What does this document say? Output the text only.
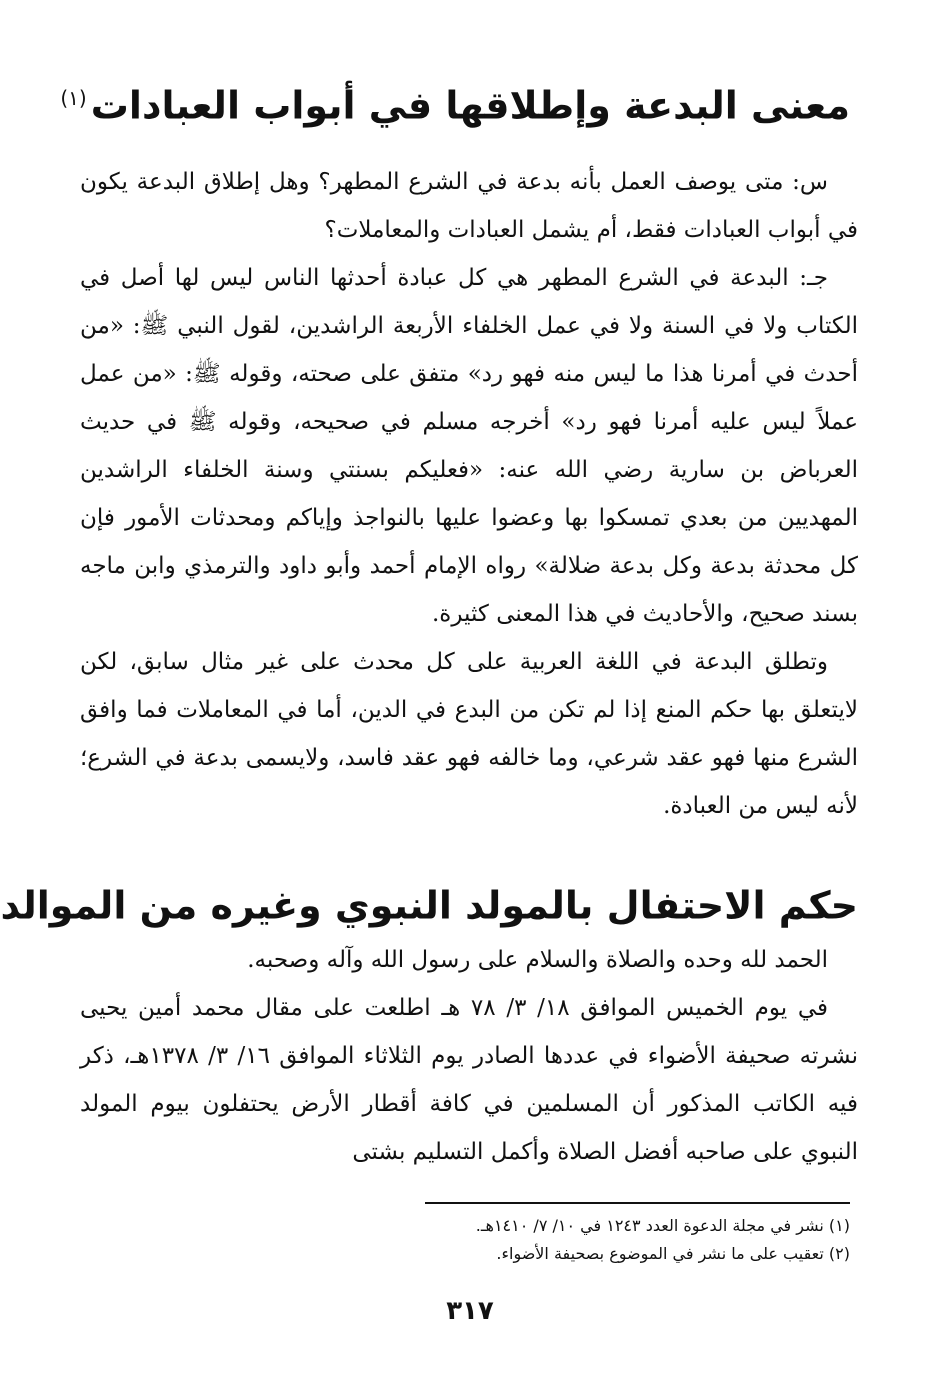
معنى البدعة وإطلاقها في أبواب العبادات$^{(١)}$

س: متى يوصف العمل بأنه بدعة في الشرع المطهر؟ وهل إطلاق البدعة يكون في أبواب العبادات فقط، أم يشمل العبادات والمعاملات؟

جـ: البدعة في الشرع المطهر هي كل عبادة أحدثها الناس ليس لها أصل في الكتاب ولا في السنة ولا في عمل الخلفاء الأربعة الراشدين، لقول النبي ﷺ: «من أحدث في أمرنا هذا ما ليس منه فهو رد» متفق على صحته، وقوله ﷺ: «من عمل عملاً ليس عليه أمرنا فهو رد» أخرجه مسلم في صحيحه، وقوله ﷺ في حديث العرباض بن سارية رضي الله عنه: «فعليكم بسنتي وسنة الخلفاء الراشدين المهديين من بعدي تمسكوا بها وعضوا عليها بالنواجذ وإياكم ومحدثات الأمور فإن كل محدثة بدعة وكل بدعة ضلالة» رواه الإمام أحمد وأبو داود والترمذي وابن ماجه بسند صحيح، والأحاديث في هذا المعنى كثيرة.

وتطلق البدعة في اللغة العربية على كل محدث على غير مثال سابق، لكن لايتعلق بها حكم المنع إذا لم تكن من البدع في الدين، أما في المعاملات فما وافق الشرع منها فهو عقد شرعي، وما خالفه فهو عقد فاسد، ولايسمى بدعة في الشرع؛ لأنه ليس من العبادة.

حكم الاحتفال بالمولد النبوي وغيره من الموالد

الحمد لله وحده والصلاة والسلام على رسول الله وآله وصحبه.

في يوم الخميس الموافق ١٨/ ٣/ ٧٨ هـ اطلعت على مقال محمد أمين يحيى نشرته صحيفة الأضواء في عددها الصادر يوم الثلاثاء الموافق ١٦/ ٣/ ١٣٧٨هـ، ذكر فيه الكاتب المذكور أن المسلمين في كافة أقطار الأرض يحتفلون بيوم المولد النبوي على صاحبه أفضل الصلاة وأكمل التسليم بشتى

(١) نشر في مجلة الدعوة العدد ١٢٤٣ في ١٠/ ٧/ ١٤١٠هـ.
(٢) تعقيب على ما نشر في الموضوع بصحيفة الأضواء.
٣١٧
